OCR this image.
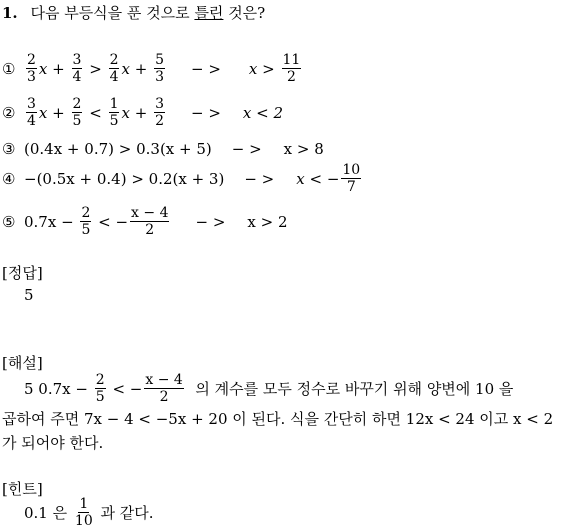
1. 다음 부등식을 푼 것으로 틀린 것은?
① $\frac{2}{3}$ $x + \frac{3}{4}$
>
$\frac{2}{4}$ $x + \frac{5}{3}$ − > x
>
$\frac{11}{2}$
② $\frac{3}{4}$ $x + \frac{2}{5}$
<
$\frac{1}{5}$ $x + \frac{3}{2}$ − > x < 2
③ (0.4x + 0.7) > 0.3(x + 5) − > x > 8
④ −(0.5x + 0.4) > 0.2(x + 3) − > x
< − $\frac{10}{7}$
⑤ 0.7x −
$\frac{2}{5}$
< − $\frac{x - 4}{2}$ − > x > 2
[정답]
5
[해설]
5 0.7x −
$\frac{2}{5}$
< − $\frac{x - 4}{2}$
의 계수를 모두 정수로 바꾸기 위해 양변에 10 을
곱하여 주면 7x − 4 < −5x + 20 이 된다. 식을 간단히 하면 12x < 24 이고 x < 2
가 되어야 한다.
[힌트]
0.1 은
$\frac{1}{10}$
과 같다.
